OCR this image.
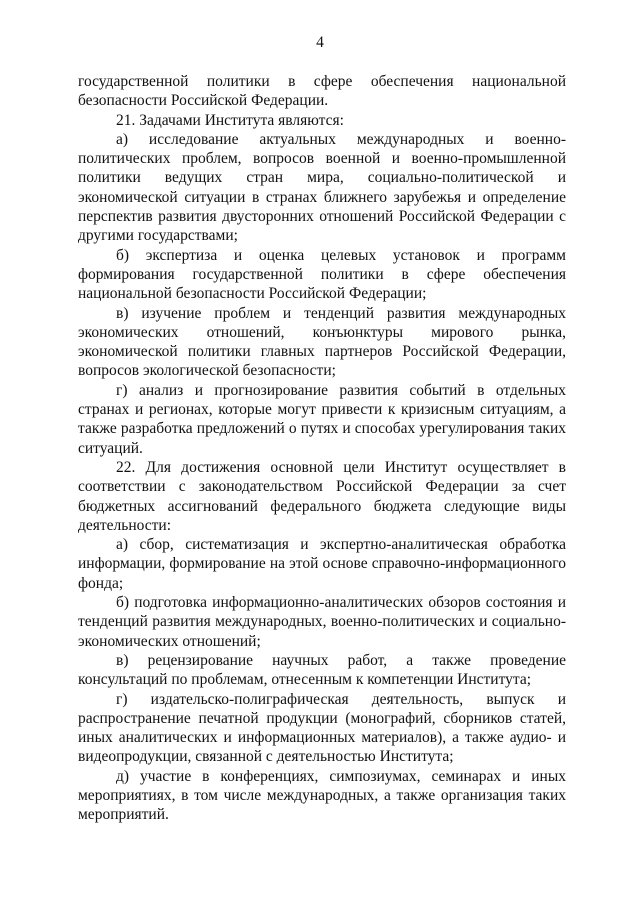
4

государственной политики в сфере обеспечения национальной безопасности Российской Федерации.

21. Задачами Института являются:

а) исследование актуальных международных и военно-политических проблем, вопросов военной и военно-промышленной политики ведущих стран мира, социально-политической и экономической ситуации в странах ближнего зарубежья и определение перспектив развития двусторонних отношений Российской Федерации с другими государствами;

б) экспертиза и оценка целевых установок и программ формирования государственной политики в сфере обеспечения национальной безопасности Российской Федерации;

в) изучение проблем и тенденций развития международных экономических отношений, конъюнктуры мирового рынка, экономической политики главных партнеров Российской Федерации, вопросов экологической безопасности;

г) анализ и прогнозирование развития событий в отдельных странах и регионах, которые могут привести к кризисным ситуациям, а также разработка предложений о путях и способах урегулирования таких ситуаций.

22. Для достижения основной цели Институт осуществляет в соответствии с законодательством Российской Федерации за счет бюджетных ассигнований федерального бюджета следующие виды деятельности:

а) сбор, систематизация и экспертно-аналитическая обработка информации, формирование на этой основе справочно-информационного фонда;

б) подготовка информационно-аналитических обзоров состояния и тенденций развития международных, военно-политических и социально-экономических отношений;

в) рецензирование научных работ, а также проведение консультаций по проблемам, отнесенным к компетенции Института;

г) издательско-полиграфическая деятельность, выпуск и распространение печатной продукции (монографий, сборников статей, иных аналитических и информационных материалов), а также аудио- и видеопродукции, связанной с деятельностью Института;

д) участие в конференциях, симпозиумах, семинарах и иных мероприятиях, в том числе международных, а также организация таких мероприятий.
